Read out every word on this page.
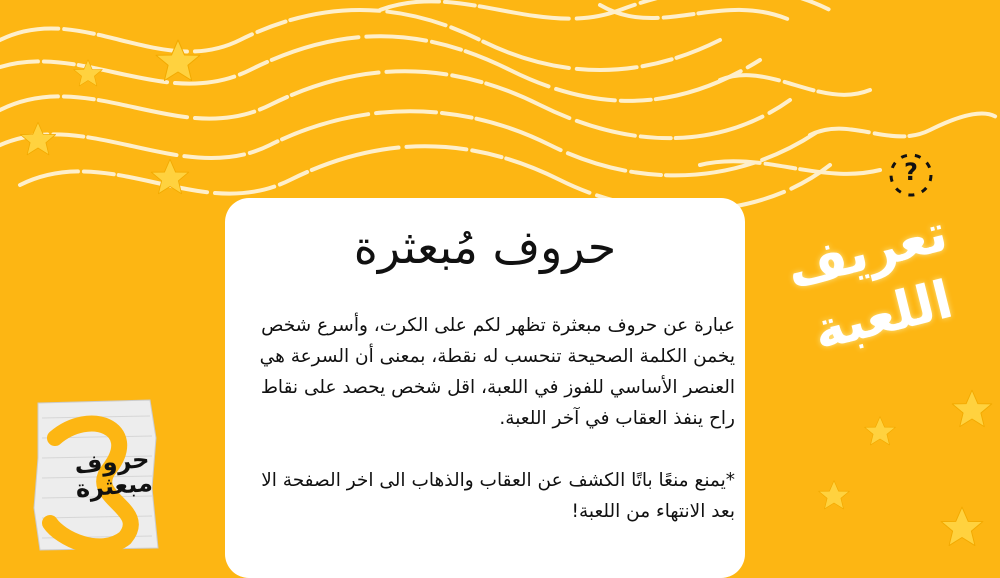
?
تعريف اللعبة
حروف مُبعثرة

عبارة عن حروف مبعثرة تظهر لكم على الكرت، وأسرع شخص يخمن الكلمة الصحيحة تنحسب له نقطة، بمعنى أن السرعة هي العنصر الأساسي للفوز في اللعبة، اقل شخص يحصد على نقاط راح ينفذ العقاب في آخر اللعبة.

*يمنع منعًا باتًا الكشف عن العقاب والذهاب الى اخر الصفحة الا بعد الانتهاء من اللعبة!

حروف مبعثرة
